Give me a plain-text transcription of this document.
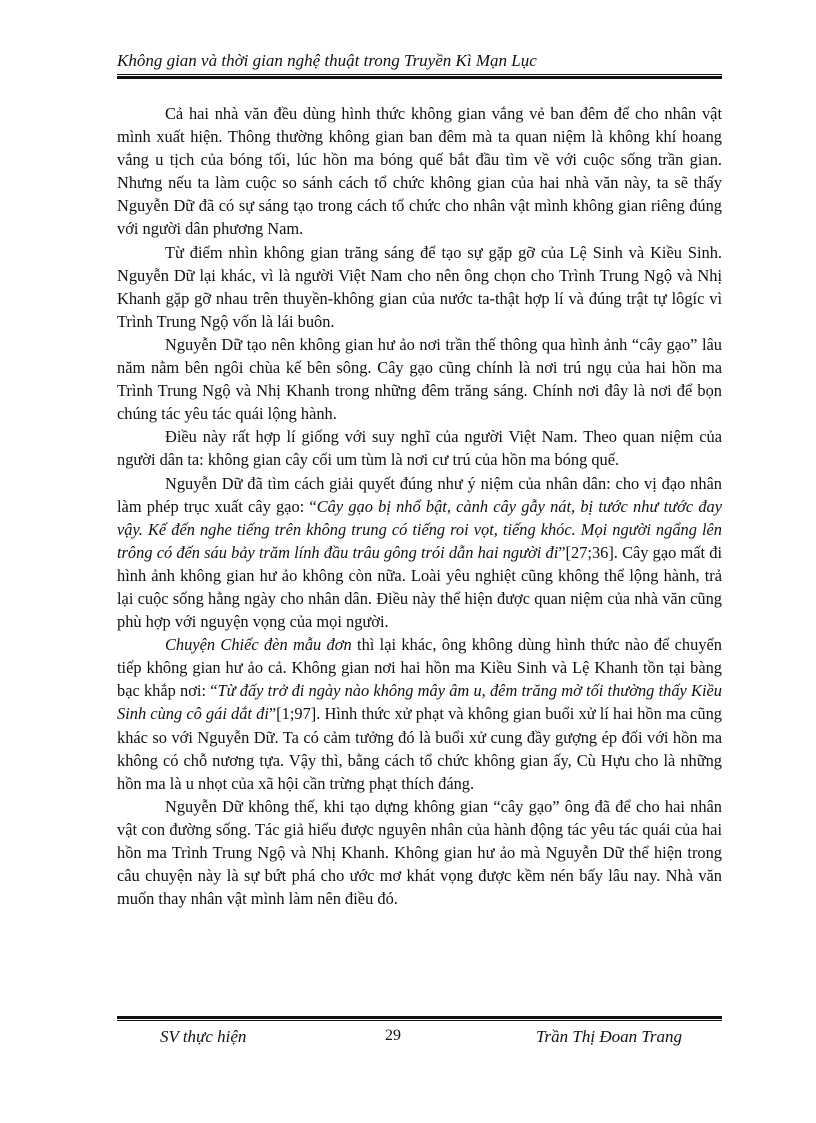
Không gian và thời gian nghệ thuật trong Truyền Kì Mạn Lục

Cả hai nhà văn đều dùng hình thức không gian vắng vẻ ban đêm để cho nhân vật mình xuất hiện. Thông thường không gian ban đêm mà ta quan niệm là không khí hoang vắng u tịch của bóng tối, lúc hồn ma bóng quế bắt đầu tìm về với cuộc sống trần gian. Nhưng nếu ta làm cuộc so sánh cách tổ chức không gian của hai nhà văn này, ta sẽ thấy Nguyễn Dữ đã có sự sáng tạo trong cách tổ chức cho nhân vật mình không gian riêng đúng với người dân phương Nam.

Từ điểm nhìn không gian trăng sáng để tạo sự gặp gỡ của Lệ Sinh và Kiều Sinh. Nguyễn Dữ lại khác, vì là người Việt Nam cho nên ông chọn cho Trình Trung Ngộ và Nhị Khanh gặp gỡ nhau trên thuyền-không gian của nước ta-thật hợp lí và đúng trật tự lôgíc vì Trình Trung Ngộ vốn là lái buôn.

Nguyễn Dữ tạo nên không gian hư ảo nơi trần thế thông qua hình ảnh “cây gạo” lâu năm nằm bên ngôi chùa kế bên sông. Cây gạo cũng chính là nơi trú ngụ của hai hồn ma Trình Trung Ngộ và Nhị Khanh trong những đêm trăng sáng. Chính nơi đây là nơi để bọn chúng tác yêu tác quái lộng hành.

Điều này rất hợp lí giống với suy nghĩ của người Việt Nam. Theo quan niệm của người dân ta: không gian cây cối um tùm là nơi cư trú của hồn ma bóng quế.

Nguyễn Dữ đã tìm cách giải quyết đúng như ý niệm của nhân dân: cho vị đạo nhân làm phép trục xuất cây gạo: “Cây gạo bị nhổ bật, cành cây gẫy nát, bị tước như tước đay vậy. Kế đến nghe tiếng trên không trung có tiếng roi vọt, tiếng khóc. Mọi người ngẩng lên trông có đến sáu bảy trăm lính đầu trâu gông trói dẫn hai người đi”[27;36]. Cây gạo mất đi hình ảnh không gian hư ảo không còn nữa. Loài yêu nghiệt cũng không thể lộng hành, trả lại cuộc sống hằng ngày cho nhân dân. Điều này thể hiện được quan niệm của nhà văn cũng phù hợp với nguyện vọng của mọi người.

Chuyện Chiếc đèn mẫu đơn thì lại khác, ông không dùng hình thức nào để chuyển tiếp không gian hư ảo cả. Không gian nơi hai hồn ma Kiều Sinh và Lệ Khanh tồn tại bàng bạc khắp nơi: “Từ đấy trở đi ngày nào không mây âm u, đêm trăng mờ tối thường thấy Kiều Sinh cùng cô gái dắt đi”[1;97]. Hình thức xử phạt và không gian buổi xử lí hai hồn ma cũng khác so với Nguyễn Dữ. Ta có cảm tưởng đó là buổi xử cung đầy gượng ép đối với hồn ma không có chỗ nương tựa. Vậy thì, bằng cách tổ chức không gian ấy, Cù Hựu cho là những hồn ma là u nhọt của xã hội cần trừng phạt thích đáng.

Nguyễn Dữ không thế, khi tạo dựng không gian “cây gạo” ông đã để cho hai nhân vật con đường sống. Tác giả hiểu được nguyên nhân của hành động tác yêu tác quái của hai hồn ma Trình Trung Ngộ và Nhị Khanh. Không gian hư ảo mà Nguyễn Dữ thể hiện trong câu chuyện này là sự bứt phá cho ước mơ khát vọng được kềm nén bấy lâu nay. Nhà văn muốn thay nhân vật mình làm nên điều đó.

SV thực hiện	29	Trần Thị Đoan Trang
